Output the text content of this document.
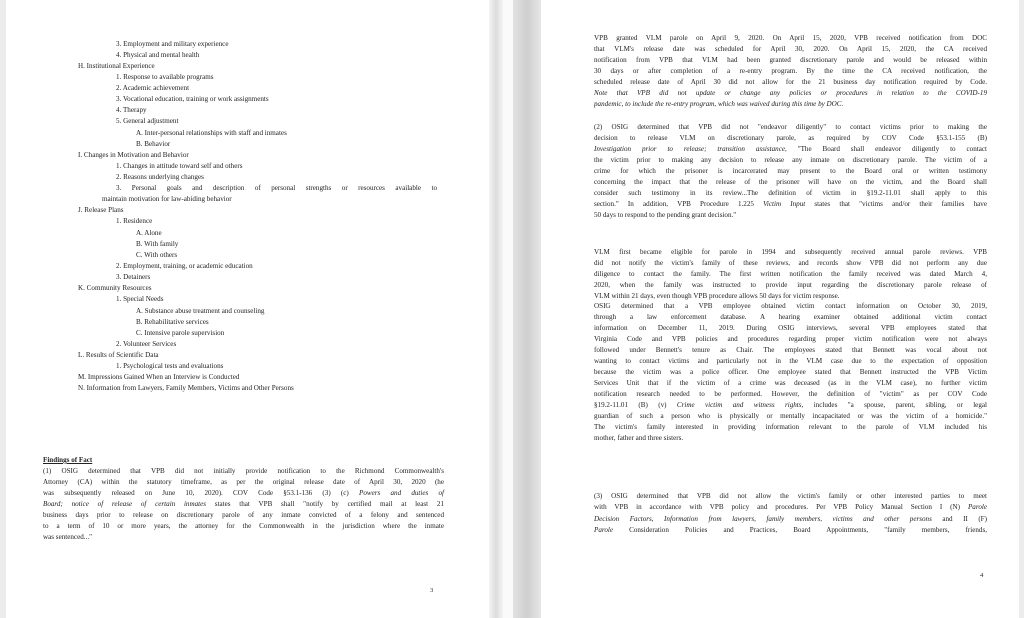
3. Employment and military experience
4. Physical and mental health
H. Institutional Experience
1. Response to available programs
2. Academic achievement
3. Vocational education, training or work assignments
4. Therapy
5. General adjustment
A. Inter-personal relationships with staff and inmates
B. Behavior
I. Changes in Motivation and Behavior
1. Changes in attitude toward self and others
2. Reasons underlying changes
3. Personal goals and description of personal strengths or resources available to
maintain motivation for law-abiding behavior
J. Release Plans
1. Residence
A. Alone
B. With family
C. With others
2. Employment, training, or academic education
3. Detainers
K. Community Resources
1. Special Needs
A. Substance abuse treatment and counseling
B. Rehabilitative services
C. Intensive parole supervision
2. Volunteer Services
L. Results of Scientific Data
1. Psychological tests and evaluations
M. Impressions Gained When an Interview is Conducted
N. Information from Lawyers, Family Members, Victims and Other Persons
Findings of Fact
(1) OSIG determined that VPB did not initially provide notification to the Richmond Commonwealth's
Attorney (CA) within the statutory timeframe, as per the original release date of April 30, 2020 (he
was subsequently released on June 10, 2020). COV Code §53.1-136 (3) (c) Powers and duties of
Board; notice of release of certain inmates states that VPB shall "notify by certified mail at least 21
business days prior to release on discretionary parole of any inmate convicted of a felony and sentenced
to a term of 10 or more years, the attorney for the Commonwealth in the jurisdiction where the inmate
was sentenced..."
3
VPB granted VLM parole on April 9, 2020. On April 15, 2020, VPB received notification from DOC
that VLM's release date was scheduled for April 30, 2020. On April 15, 2020, the CA received
notification from VPB that VLM had been granted discretionary parole and would be released within
30 days or after completion of a re-entry program. By the time the CA received notification, the
scheduled release date of April 30 did not allow for the 21 business day notification required by Code.
Note that VPB did not update or change any policies or procedures in relation to the COVID-19
pandemic, to include the re-entry program, which was waived during this time by DOC.
(2) OSIG determined that VPB did not "endeavor diligently" to contact victims prior to making the
decision to release VLM on discretionary parole, as required by COV Code §53.1-155 (B)
Investigation prior to release; transition assistance, "The Board shall endeavor diligently to contact
the victim prior to making any decision to release any inmate on discretionary parole. The victim of a
crime for which the prisoner is incarcerated may present to the Board oral or written testimony
concerning the impact that the release of the prisoner will have on the victim, and the Board shall
consider such testimony in its review...The definition of victim in §19.2-11.01 shall apply to this
section." In addition, VPB Procedure 1.225 Victim Input states that "victims and/or their families have
50 days to respond to the pending grant decision."
VLM first became eligible for parole in 1994 and subsequently received annual parole reviews. VPB
did not notify the victim's family of these reviews, and records show VPB did not perform any due
diligence to contact the family. The first written notification the family received was dated March 4,
2020, when the family was instructed to provide input regarding the discretionary parole release of
VLM within 21 days, even though VPB procedure allows 50 days for victim response.
OSIG determined that a VPB employee obtained victim contact information on October 30, 2019,
through a law enforcement database. A hearing examiner obtained additional victim contact
information on December 11, 2019. During OSIG interviews, several VPB employees stated that
Virginia Code and VPB policies and procedures regarding proper victim notification were not always
followed under Bennett's tenure as Chair. The employees stated that Bennett was vocal about not
wanting to contact victims and particularly not in the VLM case due to the expectation of opposition
because the victim was a police officer. One employee stated that Bennett instructed the VPB Victim
Services Unit that if the victim of a crime was deceased (as in the VLM case), no further victim
notification research needed to be performed. However, the definition of "victim" as per COV Code
§19.2-11.01 (B) (v) Crime victim and witness rights, includes "a spouse, parent, sibling, or legal
guardian of such a person who is physically or mentally incapacitated or was the victim of a homicide."
The victim's family interested in providing information relevant to the parole of VLM included his
mother, father and three sisters.
(3) OSIG determined that VPB did not allow the victim's family or other interested parties to meet
with VPB in accordance with VPB policy and procedures. Per VPB Policy Manual Section I (N) Parole
Decision Factors, Information from lawyers, family members, victims and other persons and II (F)
Parole Consideration Policies and Practices, Board Appointments, "family members, friends,
4
